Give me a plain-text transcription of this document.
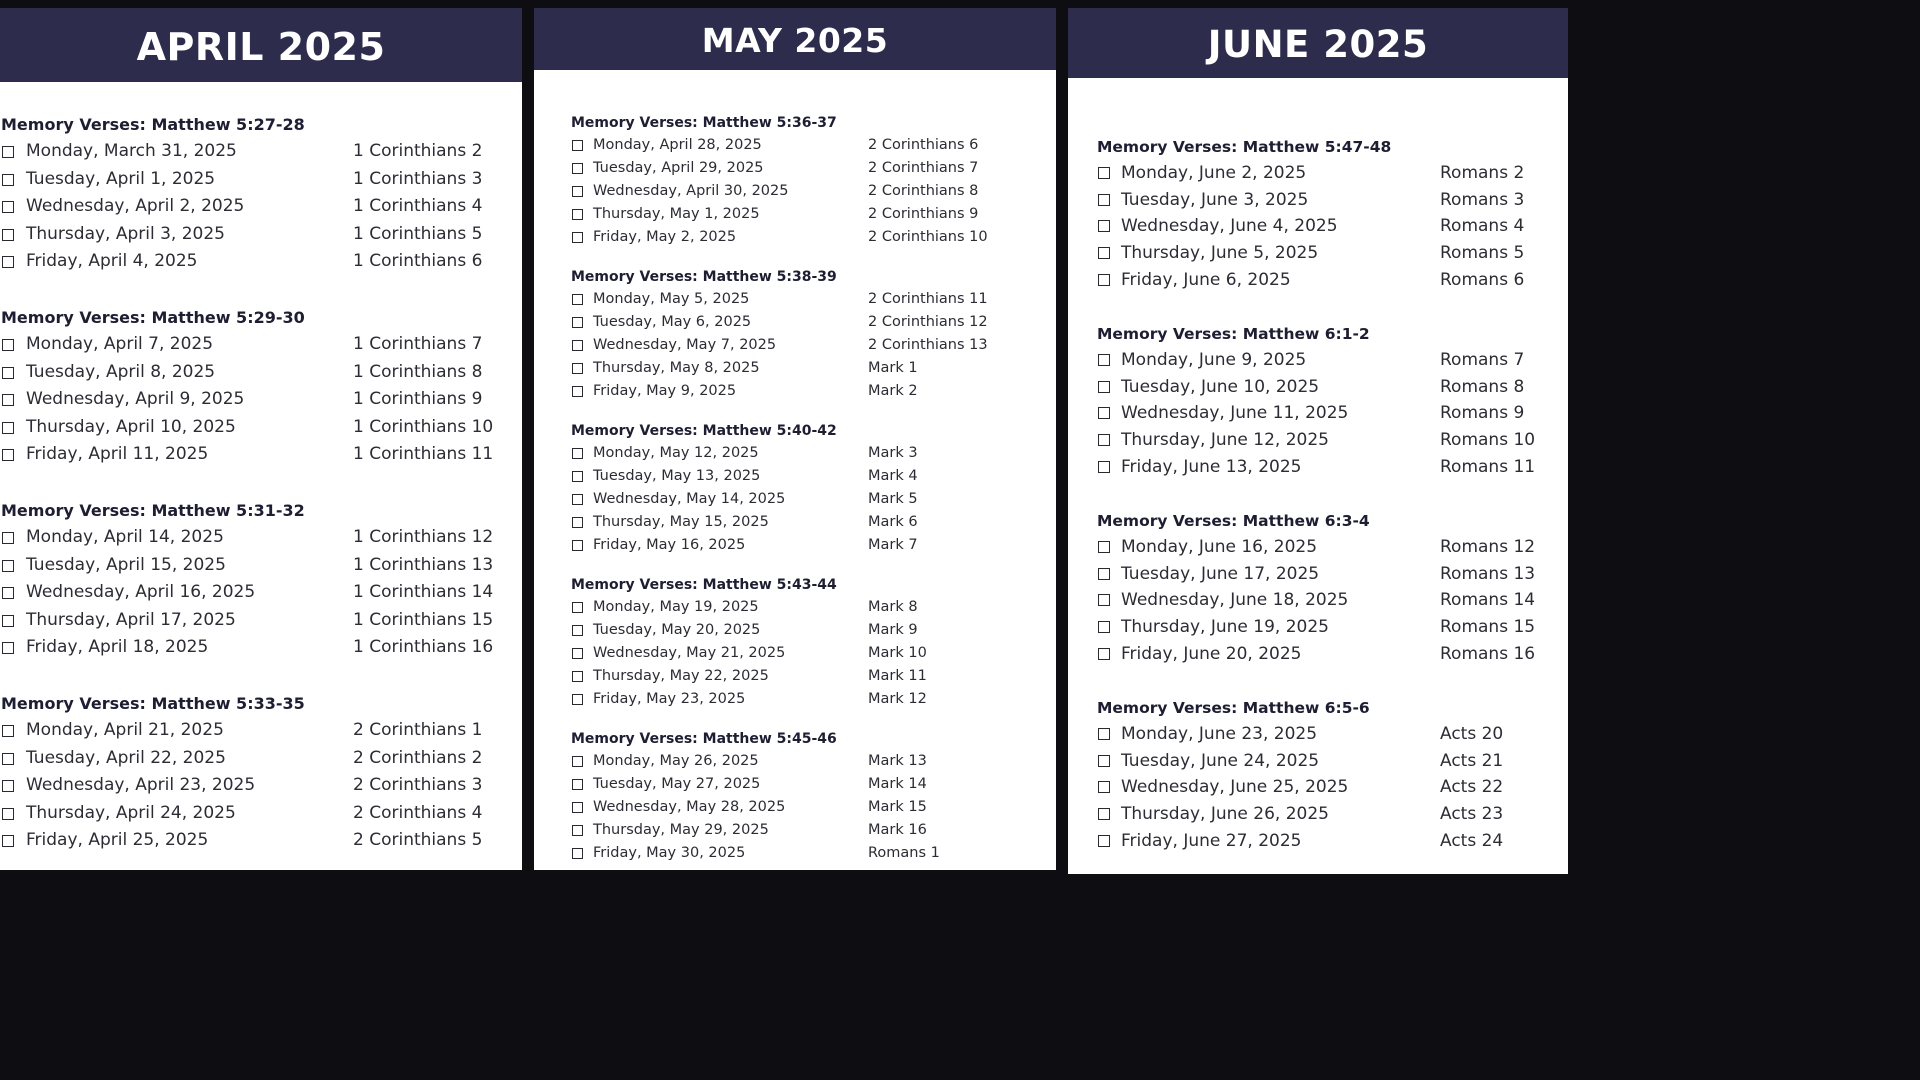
APRIL 2025
Memory Verses: Matthew 5:27-28
Monday, March 31, 2025	1 Corinthians 2
Tuesday, April 1, 2025	1 Corinthians 3
Wednesday, April 2, 2025	1 Corinthians 4
Thursday, April 3, 2025	1 Corinthians 5
Friday, April 4, 2025	1 Corinthians 6
Memory Verses: Matthew 5:29-30
Monday, April 7, 2025	1 Corinthians 7
Tuesday, April 8, 2025	1 Corinthians 8
Wednesday, April 9, 2025	1 Corinthians 9
Thursday, April 10, 2025	1 Corinthians 10
Friday, April 11, 2025	1 Corinthians 11
Memory Verses: Matthew 5:31-32
Monday, April 14, 2025	1 Corinthians 12
Tuesday, April 15, 2025	1 Corinthians 13
Wednesday, April 16, 2025	1 Corinthians 14
Thursday, April 17, 2025	1 Corinthians 15
Friday, April 18, 2025	1 Corinthians 16
Memory Verses: Matthew 5:33-35
Monday, April 21, 2025	2 Corinthians 1
Tuesday, April 22, 2025	2 Corinthians 2
Wednesday, April 23, 2025	2 Corinthians 3
Thursday, April 24, 2025	2 Corinthians 4
Friday, April 25, 2025	2 Corinthians 5
MAY 2025
Memory Verses: Matthew 5:36-37
Monday, April 28, 2025	2 Corinthians 6
Tuesday, April 29, 2025	2 Corinthians 7
Wednesday, April 30, 2025	2 Corinthians 8
Thursday, May 1, 2025	2 Corinthians 9
Friday, May 2, 2025	2 Corinthians 10
Memory Verses: Matthew 5:38-39
Monday, May 5, 2025	2 Corinthians 11
Tuesday, May 6, 2025	2 Corinthians 12
Wednesday, May 7, 2025	2 Corinthians 13
Thursday, May 8, 2025	Mark 1
Friday, May 9, 2025	Mark 2
Memory Verses: Matthew 5:40-42
Monday, May 12, 2025	Mark 3
Tuesday, May 13, 2025	Mark 4
Wednesday, May 14, 2025	Mark 5
Thursday, May 15, 2025	Mark 6
Friday, May 16, 2025	Mark 7
Memory Verses: Matthew 5:43-44
Monday, May 19, 2025	Mark 8
Tuesday, May 20, 2025	Mark 9
Wednesday, May 21, 2025	Mark 10
Thursday, May 22, 2025	Mark 11
Friday, May 23, 2025	Mark 12
Memory Verses: Matthew 5:45-46
Monday, May 26, 2025	Mark 13
Tuesday, May 27, 2025	Mark 14
Wednesday, May 28, 2025	Mark 15
Thursday, May 29, 2025	Mark 16
Friday, May 30, 2025	Romans 1
JUNE 2025
Memory Verses: Matthew 5:47-48
Monday, June 2, 2025	Romans 2
Tuesday, June 3, 2025	Romans 3
Wednesday, June 4, 2025	Romans 4
Thursday, June 5, 2025	Romans 5
Friday, June 6, 2025	Romans 6
Memory Verses: Matthew 6:1-2
Monday, June 9, 2025	Romans 7
Tuesday, June 10, 2025	Romans 8
Wednesday, June 11, 2025	Romans 9
Thursday, June 12, 2025	Romans 10
Friday, June 13, 2025	Romans 11
Memory Verses: Matthew 6:3-4
Monday, June 16, 2025	Romans 12
Tuesday, June 17, 2025	Romans 13
Wednesday, June 18, 2025	Romans 14
Thursday, June 19, 2025	Romans 15
Friday, June 20, 2025	Romans 16
Memory Verses: Matthew 6:5-6
Monday, June 23, 2025	Acts 20
Tuesday, June 24, 2025	Acts 21
Wednesday, June 25, 2025	Acts 22
Thursday, June 26, 2025	Acts 23
Friday, June 27, 2025	Acts 24
